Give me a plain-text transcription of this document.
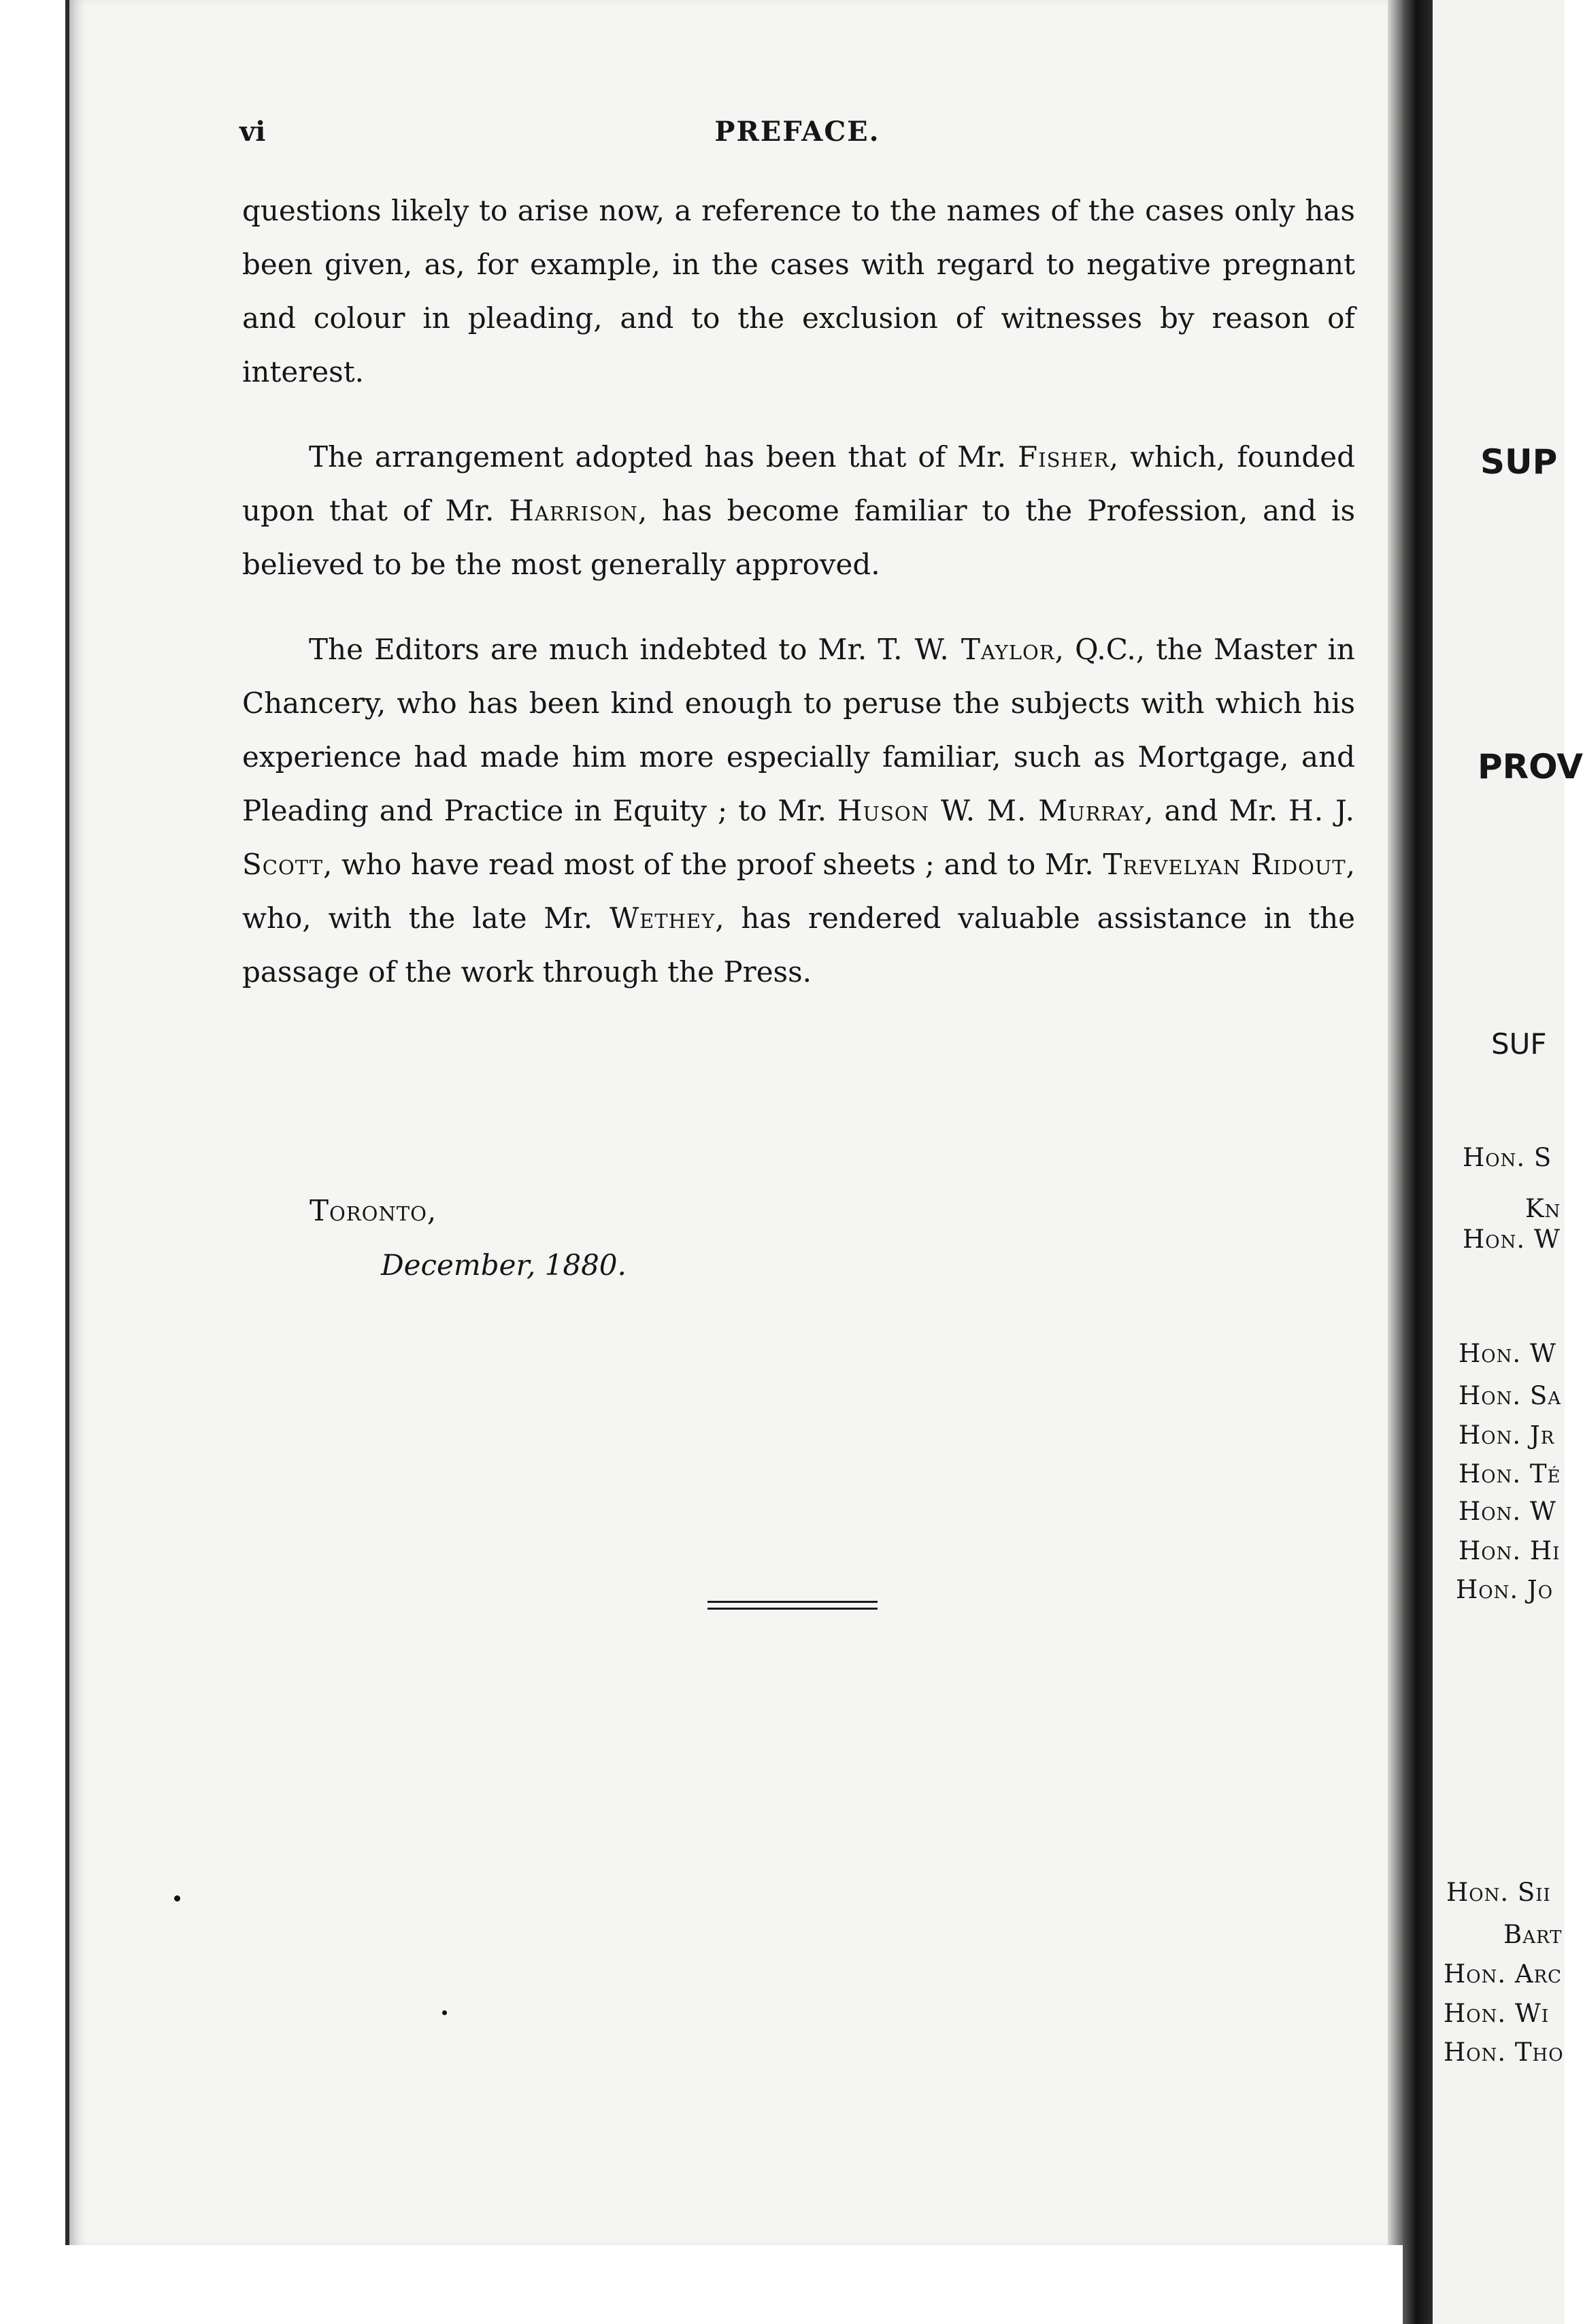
vi	PREFACE.

questions likely to arise now, a reference to the names of the cases only has been given, as, for example, in the cases with regard to negative pregnant and colour in pleading, and to the exclusion of witnesses by reason of interest.

The arrangement adopted has been that of Mr. Fisher, which, founded upon that of Mr. Harrison, has become familiar to the Profession, and is believed to be the most generally approved.

The Editors are much indebted to Mr. T. W. Taylor, Q.C., the Master in Chancery, who has been kind enough to peruse the subjects with which his experience had made him more especially familiar, such as Mortgage, and Pleading and Practice in Equity ; to Mr. Huson W. M. Murray, and Mr. H. J. Scott, who have read most of the proof sheets ; and to Mr. Trevelyan Ridout, who, with the late Mr. Wethey, has rendered valuable assistance in the passage of the work through the Press.

Toronto,
December, 1880.
SUP
PROV
SUF
Hon. S
Kn
Hon. W
Hon. W
Hon. Sa
Hon. Jr
Hon. Té
Hon. W
Hon. Hi
Hon. Jo
Hon. Sii
Bart
Hon. Arc
Hon. Wi
Hon. Tho
